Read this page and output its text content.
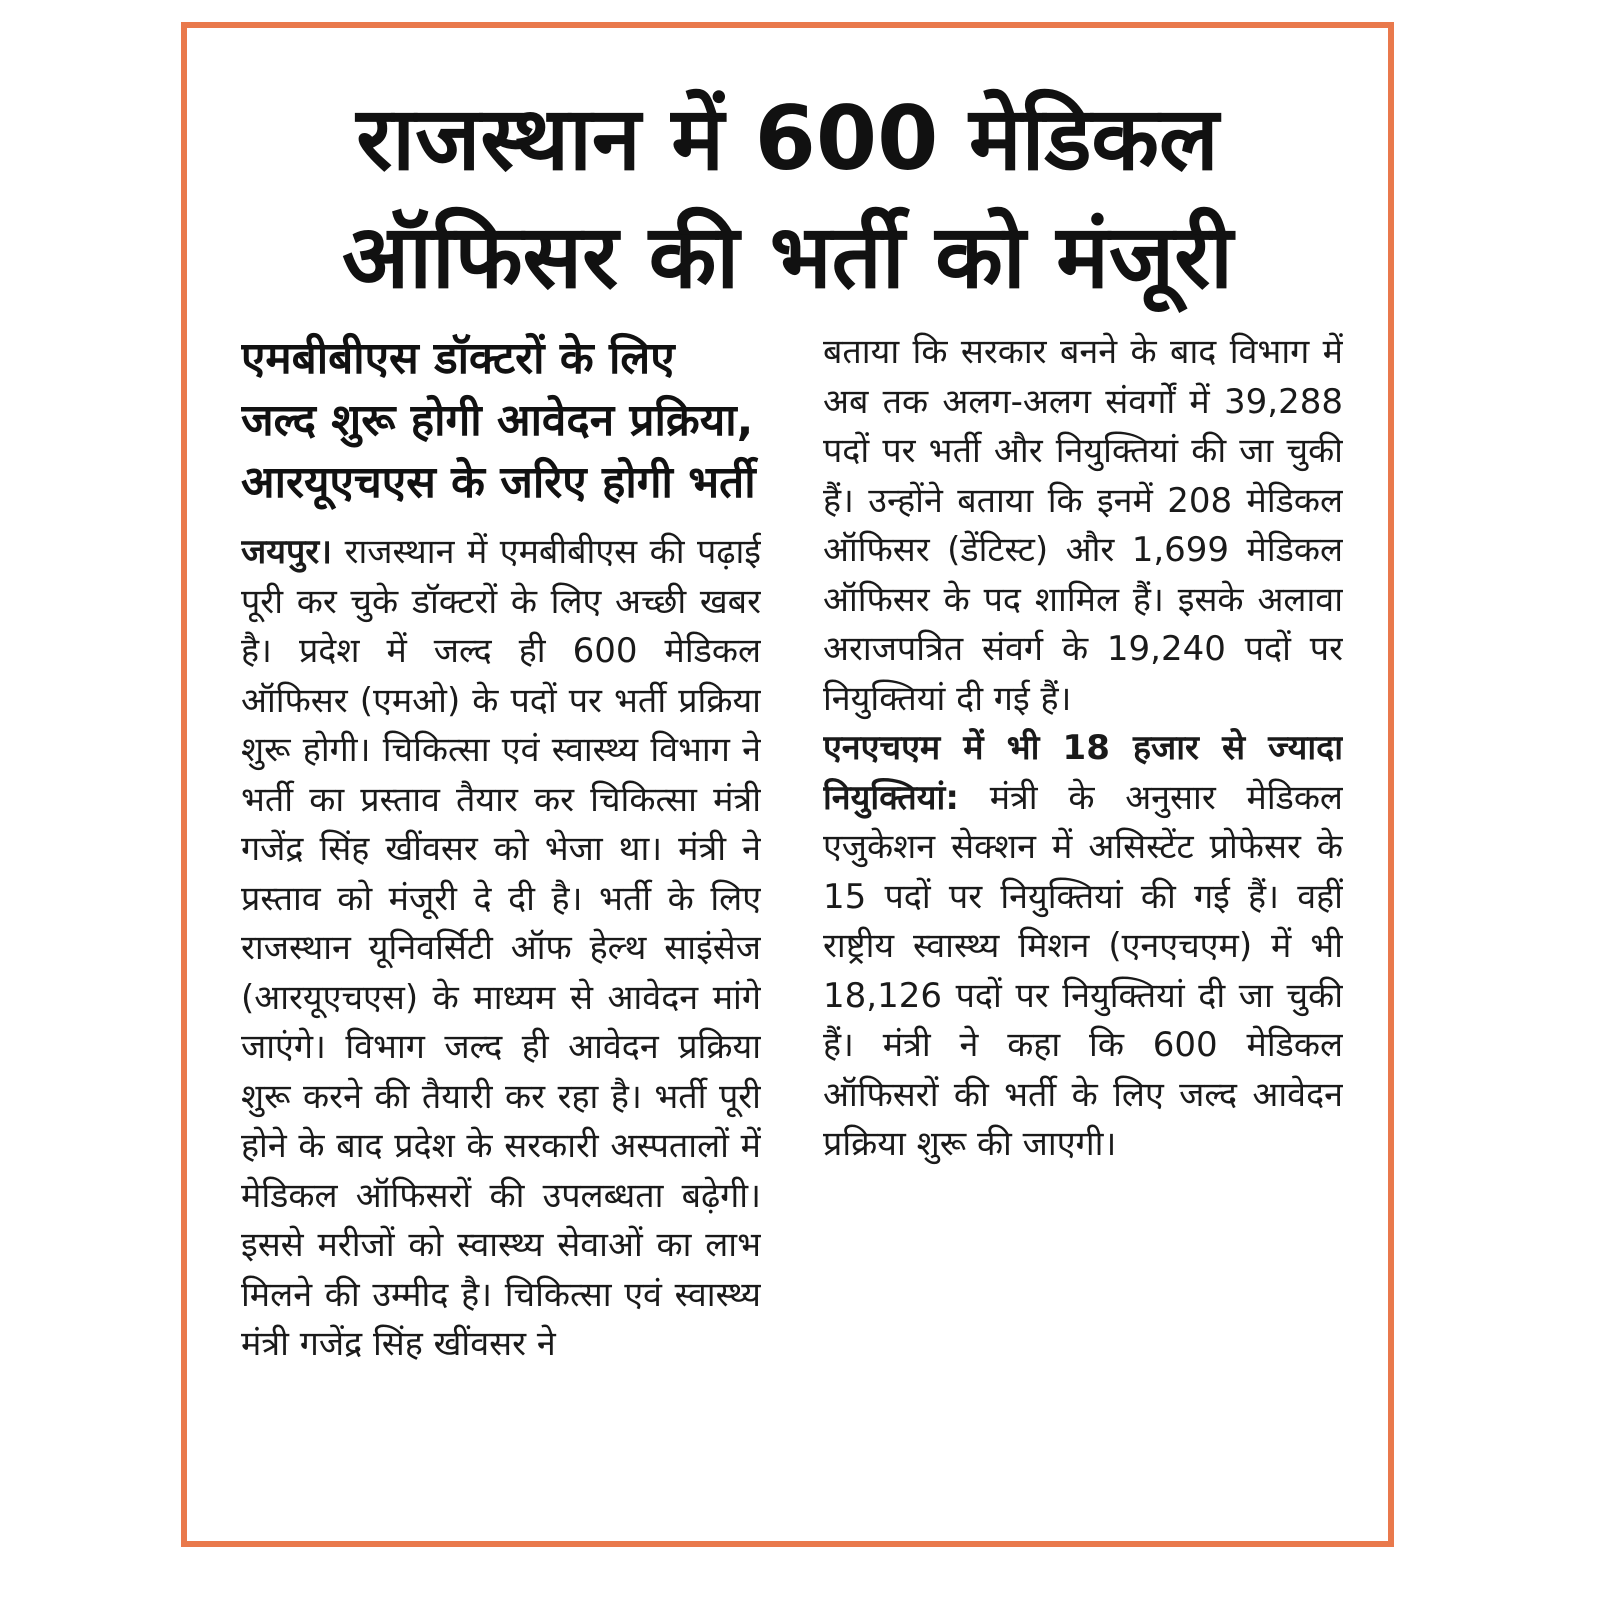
राजस्थान में 600 मेडिकल
ऑफिसर की भर्ती को मंजूरी
एमबीबीएस डॉक्टरों के लिए जल्द शुरू होगी आवेदन प्रक्रिया, आरयूएचएस के जरिए होगी भर्ती

जयपुर। राजस्थान में एमबीबीएस की पढ़ाई पूरी कर चुके डॉक्टरों के लिए अच्छी खबर है। प्रदेश में जल्द ही 600 मेडिकल ऑफिसर (एमओ) के पदों पर भर्ती प्रक्रिया शुरू होगी। चिकित्सा एवं स्वास्थ्य विभाग ने भर्ती का प्रस्ताव तैयार कर चिकित्सा मंत्री गजेंद्र सिंह खींवसर को भेजा था। मंत्री ने प्रस्ताव को मंजूरी दे दी है। भर्ती के लिए राजस्थान यूनिवर्सिटी ऑफ हेल्थ साइंसेज (आरयूएचएस) के माध्यम से आवेदन मांगे जाएंगे। विभाग जल्द ही आवेदन प्रक्रिया शुरू करने की तैयारी कर रहा है। भर्ती पूरी होने के बाद प्रदेश के सरकारी अस्पतालों में मेडिकल ऑफिसरों की उपलब्धता बढ़ेगी। इससे मरीजों को स्वास्थ्य सेवाओं का लाभ मिलने की उम्मीद है। चिकित्सा एवं स्वास्थ्य मंत्री गजेंद्र सिंह खींवसर ने

बताया कि सरकार बनने के बाद विभाग में अब तक अलग-अलग संवर्गों में 39,288 पदों पर भर्ती और नियुक्तियां की जा चुकी हैं। उन्होंने बताया कि इनमें 208 मेडिकल ऑफिसर (डेंटिस्ट) और 1,699 मेडिकल ऑफिसर के पद शामिल हैं। इसके अलावा अराजपत्रित संवर्ग के 19,240 पदों पर नियुक्तियां दी गई हैं।

एनएचएम में भी 18 हजार से ज्यादा नियुक्तियां: मंत्री के अनुसार मेडिकल एजुकेशन सेक्शन में असिस्टेंट प्रोफेसर के 15 पदों पर नियुक्तियां की गई हैं। वहीं राष्ट्रीय स्वास्थ्य मिशन (एनएचएम) में भी 18,126 पदों पर नियुक्तियां दी जा चुकी हैं। मंत्री ने कहा कि 600 मेडिकल ऑफिसरों की भर्ती के लिए जल्द आवेदन प्रक्रिया शुरू की जाएगी।
